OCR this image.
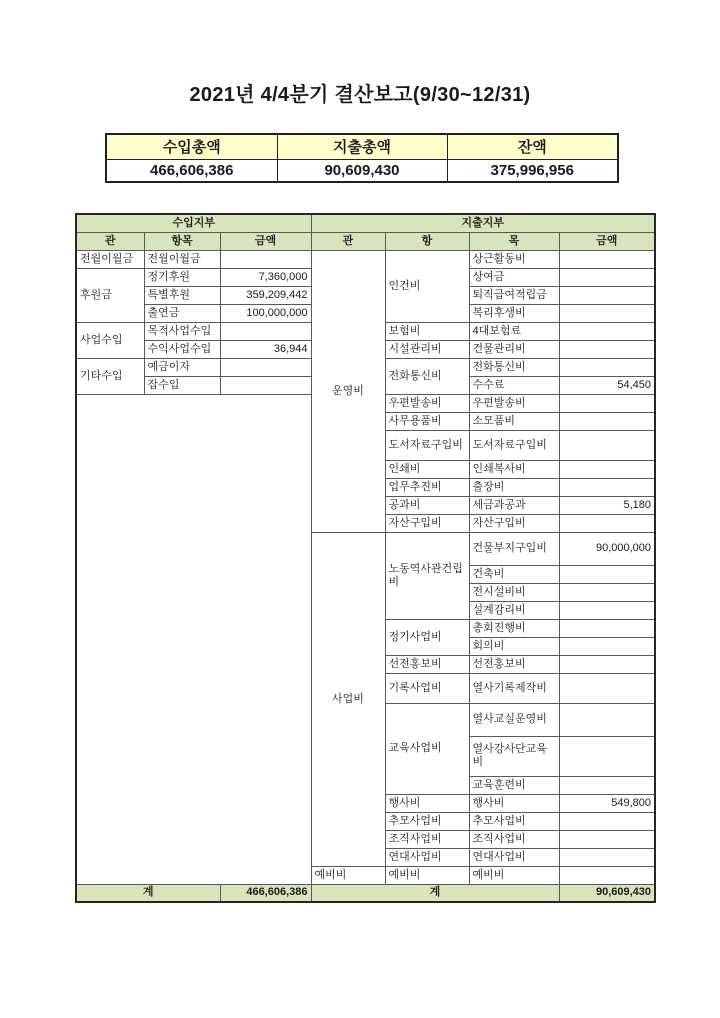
2021년 4/4분기 결산보고(9/30~12/31)
수입총액	지출총액	잔액
466,606,386	90,609,430	375,996,956
수입지부			지출지부			
관	항목	금액	관	항	목	금액
전월이월금	전월이월금		운영비	인건비	상근활동비	
후원금	정기후원	7,360,000			상여금	
	특별후원	359,209,442			퇴직급여적립금	
	출연금	100,000,000			복리후생비	
사업수입	목적사업수입			보험비	4대보험료	
	수익사업수입	36,944		시설관리비	건물관리비	
기타수입	예금이자			전화통신비	전화통신비	
	잡수입				수수료	54,450
				우편발송비	우편발송비	
				사무용품비	소모품비	
				도서자료구입비	도서자료구입비	
				인쇄비	인쇄복사비	
				업무추진비	출장비	
				공과비	세금과공과	5,180
				자산구입비	자산구입비	
			사업비	노동역사관건립비	건물부지구입비	90,000,000
					건축비	
					전시설비비	
					설계감리비	
				정기사업비	총회진행비	
					회의비	
				선전홍보비	선전홍보비	
				기록사업비	열사기록제작비	
				교육사업비	열사교실운영비	
					열사강사단교육비	
					교육훈련비	
				행사비	행사비	549,800
				추모사업비	추모사업비	
				조직사업비	조직사업비	
				연대사업비	연대사업비	
			예비비	예비비	예비비	
계		466,606,386	계			90,609,430
